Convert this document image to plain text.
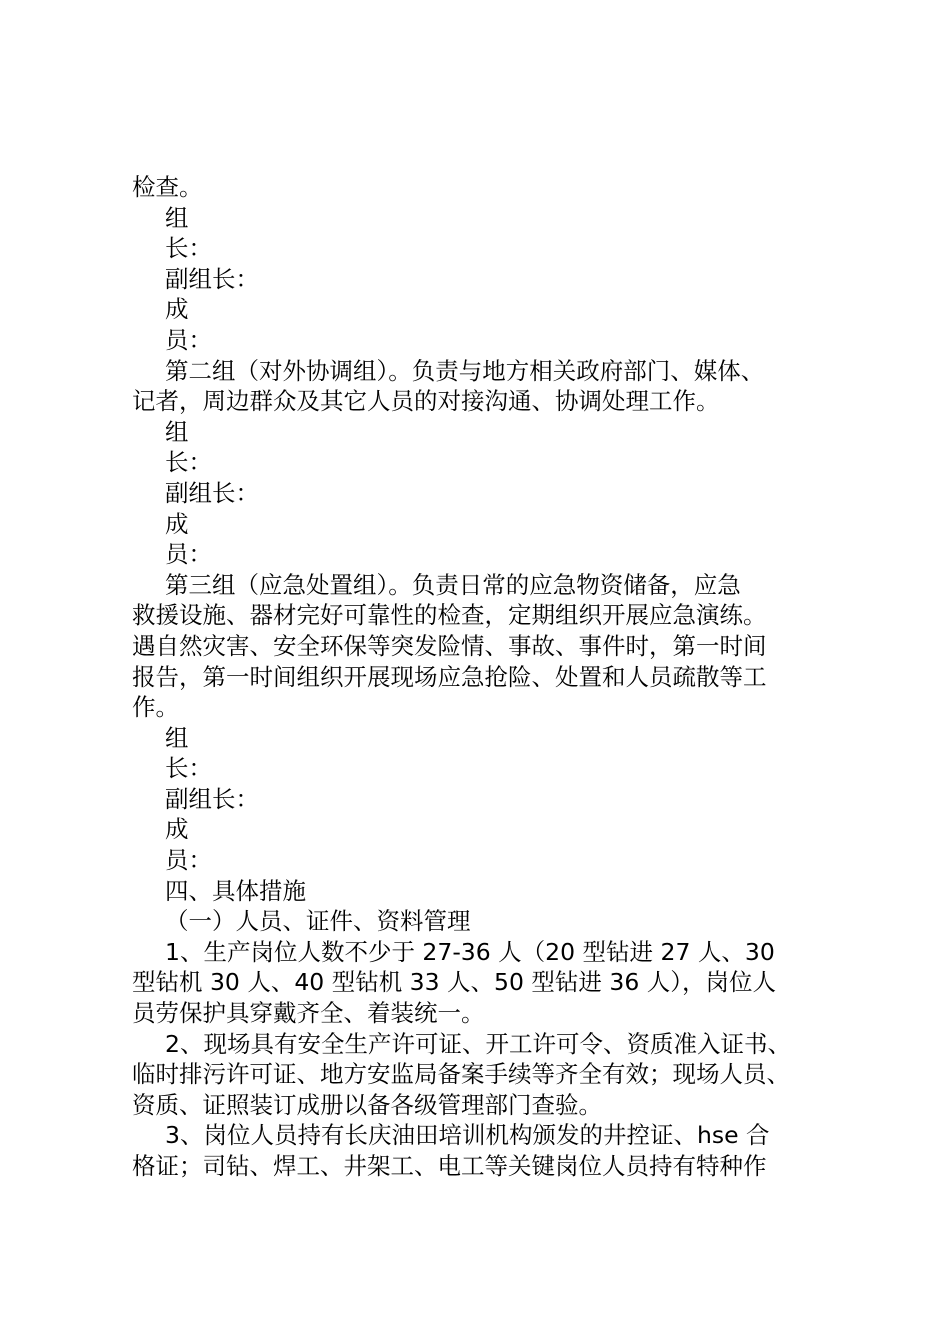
检查。
组
长：
副组长：
成
员：
第二组（对外协调组）。负责与地方相关政府部门、媒体、
记者，周边群众及其它人员的对接沟通、协调处理工作。
组
长：
副组长：
成
员：
第三组（应急处置组）。负责日常的应急物资储备，应急
救援设施、器材完好可靠性的检查，定期组织开展应急演练。
遇自然灾害、安全环保等突发险情、事故、事件时，第一时间
报告，第一时间组织开展现场应急抢险、处置和人员疏散等工
作。
组
长：
副组长：
成
员：
四、具体措施
（一）人员、证件、资料管理
1、生产岗位人数不少于 27-36 人（20 型钻进 27 人、30
型钻机 30 人、40 型钻机 33 人、50 型钻进 36 人），岗位人
员劳保护具穿戴齐全、着装统一。
2、现场具有安全生产许可证、开工许可令、资质准入证书、
临时排污许可证、地方安监局备案手续等齐全有效；现场人员、
资质、证照装订成册以备各级管理部门查验。
3、岗位人员持有长庆油田培训机构颁发的井控证、hse 合
格证；司钻、焊工、井架工、电工等关键岗位人员持有特种作
